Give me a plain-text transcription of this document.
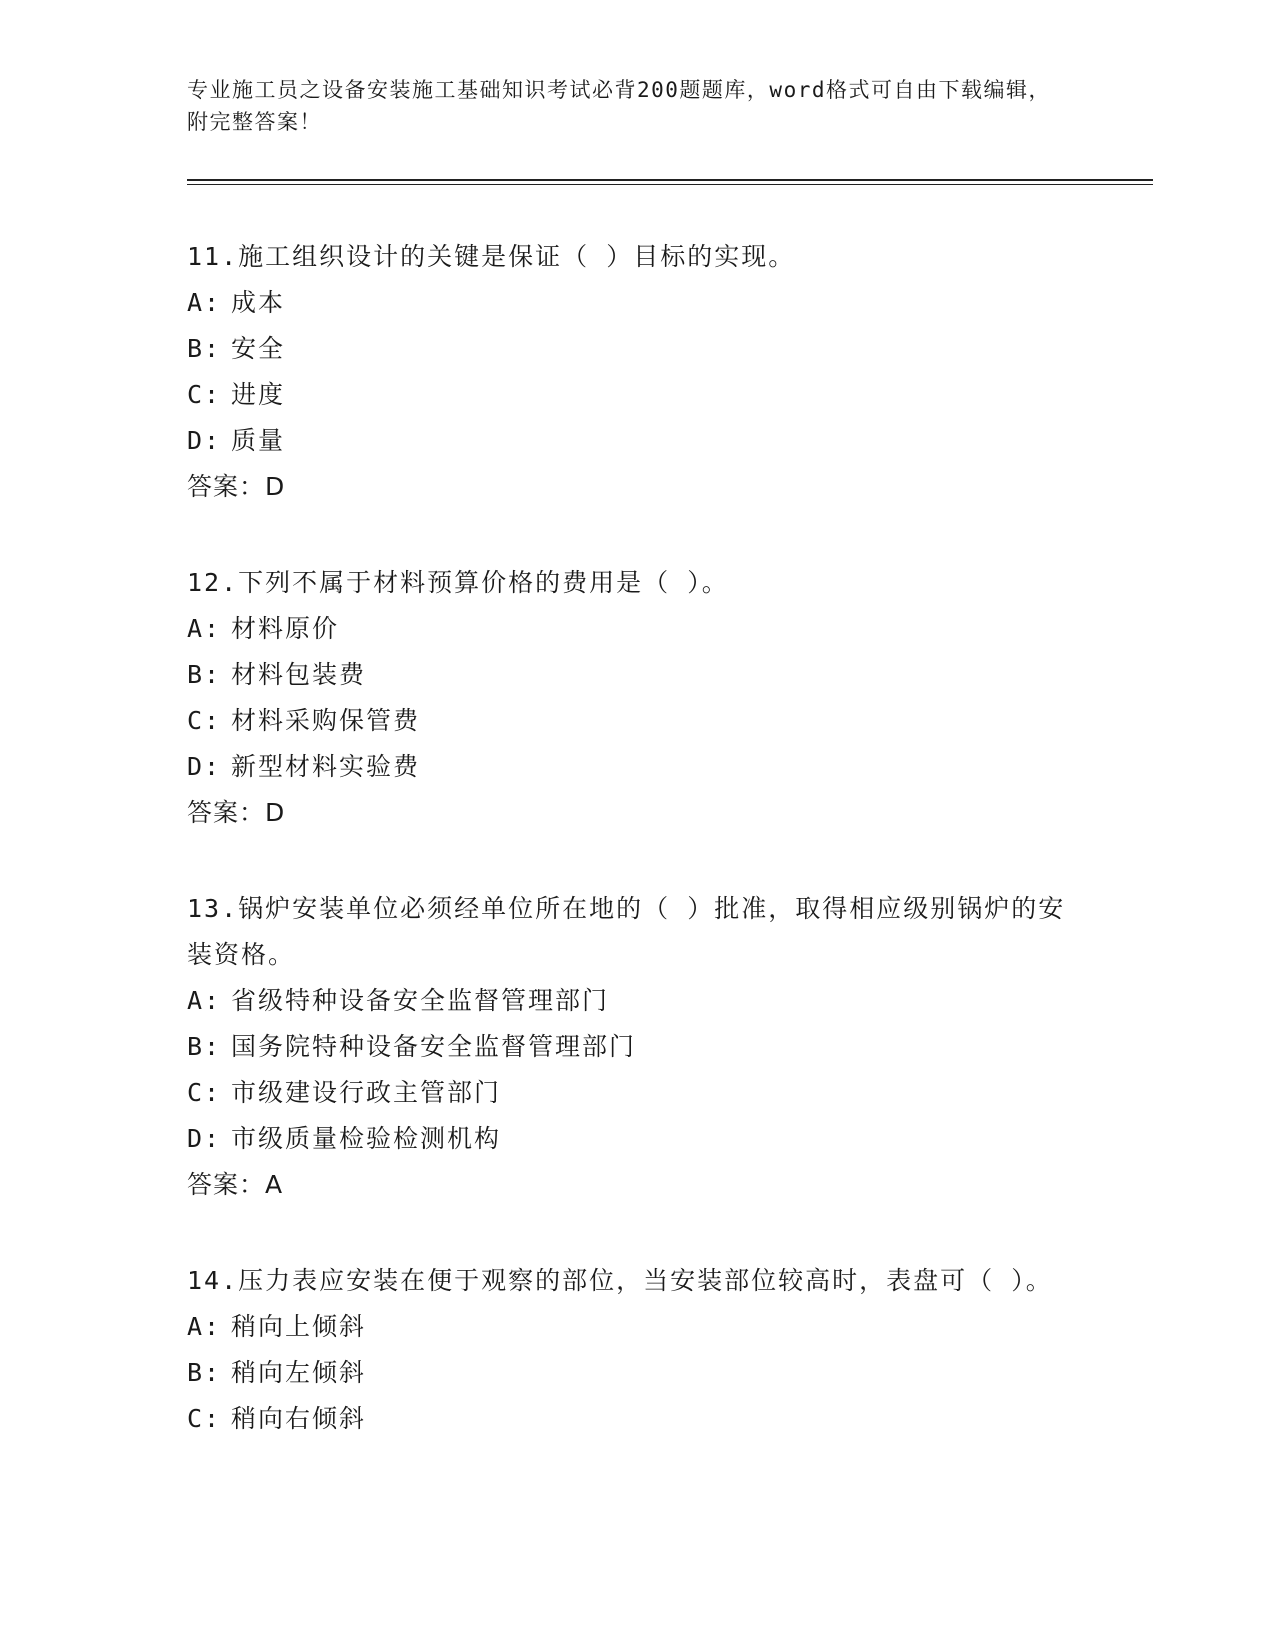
专业施工员之设备安装施工基础知识考试必背200题题库，word格式可自由下载编辑，附完整答案！

11.施工组织设计的关键是保证（ ）目标的实现。

A: 成本
B: 安全
C: 进度
D: 质量
答案：D

12.下列不属于材料预算价格的费用是（ ）。

A: 材料原价
B: 材料包装费
C: 材料采购保管费
D: 新型材料实验费
答案：D

13.锅炉安装单位必须经单位所在地的（ ）批准，取得相应级别锅炉的安装资格。

A: 省级特种设备安全监督管理部门
B: 国务院特种设备安全监督管理部门
C: 市级建设行政主管部门
D: 市级质量检验检测机构
答案：A

14.压力表应安装在便于观察的部位，当安装部位较高时，表盘可（ ）。

A: 稍向上倾斜
B: 稍向左倾斜
C: 稍向右倾斜
